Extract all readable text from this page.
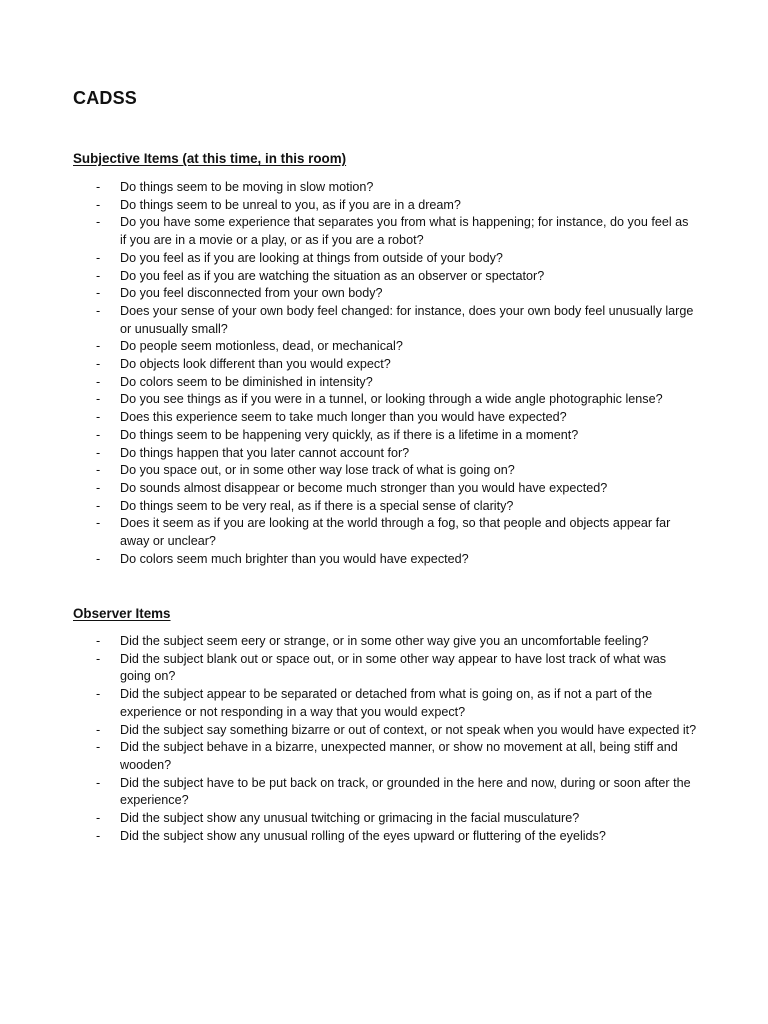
CADSS
Subjective Items (at this time, in this room)
- Do things seem to be moving in slow motion?
- Do things seem to be unreal to you, as if you are in a dream?
- Do you have some experience that separates you from what is happening; for instance, do you feel as if you are in a movie or a play, or as if you are a robot?
- Do you feel as if you are looking at things from outside of your body?
- Do you feel as if you are watching the situation as an observer or spectator?
- Do you feel disconnected from your own body?
- Does your sense of your own body feel changed: for instance, does your own body feel unusually large or unusually small?
- Do people seem motionless, dead, or mechanical?
- Do objects look different than you would expect?
- Do colors seem to be diminished in intensity?
- Do you see things as if you were in a tunnel, or looking through a wide angle photographic lense?
- Does this experience seem to take much longer than you would have expected?
- Do things seem to be happening very quickly, as if there is a lifetime in a moment?
- Do things happen that you later cannot account for?
- Do you space out, or in some other way lose track of what is going on?
- Do sounds almost disappear or become much stronger than you would have expected?
- Do things seem to be very real, as if there is a special sense of clarity?
- Does it seem as if you are looking at the world through a fog, so that people and objects appear far away or unclear?
- Do colors seem much brighter than you would have expected?
Observer Items
- Did the subject seem eery or strange, or in some other way give you an uncomfortable feeling?
- Did the subject blank out or space out, or in some other way appear to have lost track of what was going on?
- Did the subject appear to be separated or detached from what is going on, as if not a part of the experience or not responding in a way that you would expect?
- Did the subject say something bizarre or out of context, or not speak when you would have expected it?
- Did the subject behave in a bizarre, unexpected manner, or show no movement at all, being stiff and wooden?
- Did the subject have to be put back on track, or grounded in the here and now, during or soon after the experience?
- Did the subject show any unusual twitching or grimacing in the facial musculature?
- Did the subject show any unusual rolling of the eyes upward or fluttering of the eyelids?
